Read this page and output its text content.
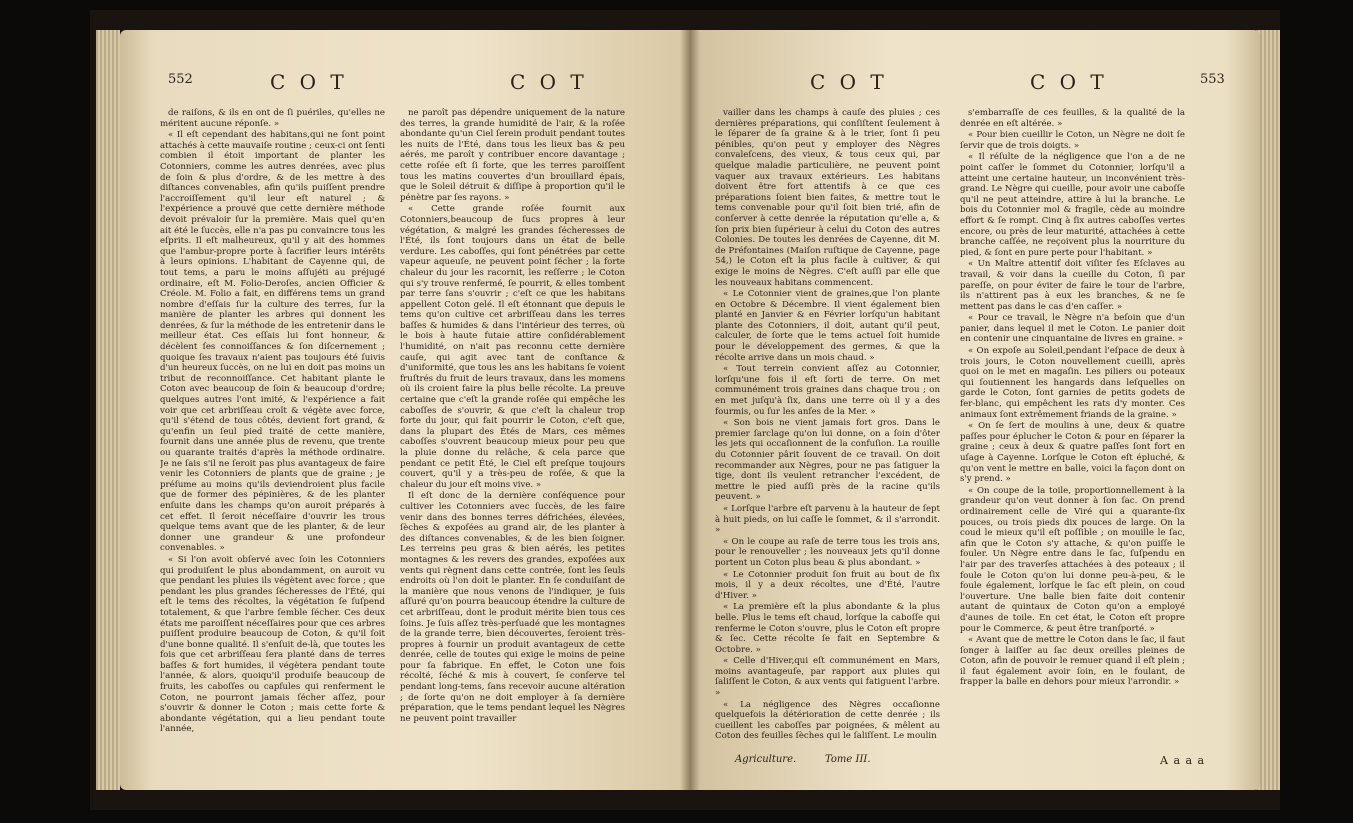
552	C O T	C O T

de raiſons, & ils en ont de ſi puériles, qu'elles ne méritent aucune réponſe. »

« Il eſt cependant des habitans,qui ne ſont point attachés à cette mauvaiſe routine ; ceux-ci ont ſenti combien il étoit important de planter les Cotonniers, comme les autres denrées, avec plus de ſoin & plus d'ordre, & de les mettre à des diſtances convenables, afin qu'ils puiſſent prendre l'accroiſſement qu'il leur eſt naturel ; & l'expérience a prouvé que cette dernière méthode devoit prévaloir ſur la première. Mais quel qu'en ait été le ſuccès, elle n'a pas pu convaincre tous les eſprits. Il eſt malheureux, qu'il y ait des hommes que l'ambur-propre porte à ſacrifier leurs intérêts à leurs opinions. L'habitant de Cayenne qui, de tout tems, a paru le moins aſſujéti au préjugé ordinaire, eſt M. Folio-Deroſes, ancien Officier & Créole. M. Folio a fait, en différens tems un grand nombre d'eſſais ſur la culture des terres, ſur la manière de planter les arbres qui donnent les denrées, & ſur la méthode de les entretenir dans le meilleur état. Ces eſſais lui font honneur, & décèlent ſes connoiſſances & ſon diſcernement ; quoique ſes travaux n'aient pas toujours été ſuivis d'un heureux ſuccès, on ne lui en doit pas moins un tribut de reconnoiſſance. Cet habitant plante le Coton avec beaucoup de ſoin & beaucoup d'ordre; quelques autres l'ont imité, & l'expérience a fait voir que cet arbriſſeau croît & végète avec force, qu'il s'étend de tous côtés, devient fort grand, & qu'enfin un ſeul pied traité de cette manière, fournit dans une année plus de revenu, que trente ou quarante traités d'après la méthode ordinaire. Je ne ſais s'il ne ſeroit pas plus avantageux de faire venir les Cotonniers de plants que de graine ; je préſume au moins qu'ils deviendroient plus facile que de former des pépinières, & de les planter enſuite dans les champs qu'on auroit préparés à cet effet. Il ſeroit néceſſaire d'ouvrir les trous quelque tems avant que de les planter, & de leur donner une grandeur & une profondeur convenables. »

« Si l'on avoit obſervé avec ſoin les Cotonniers qui produiſent le plus abondamment, on auroit vu que pendant les pluies ils végètent avec force ; que pendant les plus grandes ſécheresses de l'Été, qui eſt le tems des récoltes, la végétation ſe ſuſpend totalement, & que l'arbre ſemble ſécher. Ces deux états me paroiſſent néceſſaires pour que ces arbres puiſſent produire beaucoup de Coton, & qu'il ſoit d'une bonne qualité. Il s'enſuit de-là, que toutes les fois que cet arbriſſeau ſera planté dans de terres baſſes & fort humides, il végètera pendant toute l'année, & alors, quoiqu'il produiſe beaucoup de fruits, les caboſſes ou capſules qui renferment le Coton, ne pourront jamais ſécher aſſez, pour s'ouvrir & donner le Coton ; mais cette forte & abondante végétation, qui a lieu pendant toute l'année,

ne paroît pas dépendre uniquement de la nature des terres, la grande humidité de l'air, & la roſée abondante qu'un Ciel ſerein produit pendant toutes les nuits de l'Été, dans tous les lieux bas & peu aérés, me paroît y contribuer encore davantage ; cette roſée eſt ſi forte, que les terres paroiſſent tous les matins couvertes d'un brouillard épais, que le Soleil détruit & diſſipe à proportion qu'il le pénètre par ſes rayons. »

« Cette grande roſée fournit aux Cotonniers,beaucoup de ſucs propres à leur végétation, & malgré les grandes ſécheresses de l'Été, ils ſont toujours dans un état de belle verdure. Les caboſſes, qui ſont pénétrées par cette vapeur aqueuſe, ne peuvent point ſécher ; la forte chaleur du jour les racornit, les reſſerre ; le Coton qui s'y trouve renfermé, ſe pourrit, & elles tombent par terre ſans s'ouvrir ; c'eſt ce que les habitans appellent Coton gelé. Il eſt étonnant que depuis le tems qu'on cultive cet arbriſſeau dans les terres baſſes & humides & dans l'intérieur des terres, où le bois à haute futaie attire conſidérablement l'humidité, on n'ait pas reconnu cette dernière cauſe, qui agit avec tant de conſtance & d'uniformité, que tous les ans les habitans ſe voient fruſtrés du fruit de leurs travaux, dans les momens où ils croient faire la plus belle récolte. La preuve certaine que c'eſt la grande roſée qui empêche les caboſſes de s'ouvrir, & que c'eſt la chaleur trop forte du jour, qui fait pourrir le Coton, c'eſt que, dans la plupart des Étés de Mars, ces mêmes caboſſes s'ouvrent beaucoup mieux pour peu que la pluie donne du relâche, & cela parce que pendant ce petit Été, le Ciel eſt preſque toujours couvert, qu'il y a très-peu de roſée, & que la chaleur du jour eſt moins vive. »

Il eſt donc de la dernière conſéquence pour cultiver les Cotonniers avec ſuccès, de les faire venir dans des bonnes terres défrichées, élevées, ſèches & expoſées au grand air, de les planter à des diſtances convenables, & de les bien ſoigner. Les terreins peu gras & bien aérés, les petites montagnes & les revers des grandes, expoſées aux vents qui règnent dans cette contrée, ſont les ſeuls endroits où l'on doit le planter. En ſe conduiſant de la manière que nous venons de l'indiquer, je ſuis aſſuré qu'on pourra beaucoup étendre la culture de cet arbriſſeau, dont le produit mérite bien tous ces ſoins. Je ſuis aſſez très-perſuadé que les montagnes de la grande terre, bien découvertes, ſeroient très-propres à fournir un produit avantageux de cette denrée, celle de toutes qui exige le moins de peine pour ſa fabrique. En effet, le Coton une fois récolté, ſéché & mis à couvert, ſe conſerve tel pendant long-tems, ſans recevoir aucune altération ; de ſorte qu'on ne doit employer à ſa dernière préparation, que le tems pendant lequel les Nègres ne peuvent point travailler

C O T	C O T	553

vailler dans les champs à cauſe des pluies ; ces dernières préparations, qui conſiſtent ſeulement à le ſéparer de ſa graine & à le trier, ſont ſi peu pénibles, qu'on peut y employer des Nègres convaleſcens, des vieux, & tous ceux qui, par quelque maladie particulière, ne peuvent point vaquer aux travaux extérieurs. Les habitans doivent être fort attentifs à ce que ces préparations ſoient bien faites, & mettre tout le tems convenable pour qu'il ſoit bien trié, afin de conſerver à cette denrée la réputation qu'elle a, & ſon prix bien ſupérieur à celui du Coton des autres Colonies. De toutes les denrées de Cayenne, dit M. de Préfontaines (Maiſon ruſtique de Cayenne, page 54,) le Coton eſt la plus facile à cultiver, & qui exige le moins de Nègres. C'eſt auſſi par elle que les nouveaux habitans commencent.

« Le Cotonnier vient de graines,que l'on plante en Octobre & Décembre. Il vient également bien planté en Janvier & en Février lorſqu'un habitant plante des Cotonniers, il doit, autant qu'il peut, calculer, de ſorte que le tems actuel ſoit humide pour le développement des germes, & que la récolte arrive dans un mois chaud. »

« Tout terrein convient aſſez au Cotonnier, lorſqu'une fois il eſt ſorti de terre. On met communément trois graines dans chaque trou ; on en met juſqu'à ſix, dans une terre où il y a des fourmis, ou ſur les anſes de la Mer. »

« Son bois ne vient jamais fort gros. Dans le premier ſarclage qu'on lui donne, on a ſoin d'ôter les jets qui occaſionnent de la confuſion. La rouille du Cotonnier pârit ſouvent de ce travail. On doit recommander aux Nègres, pour ne pas ſatiguer la tige, dont ils veulent retrancher l'excédent, de mettre le pied auſſi près de la racine qu'ils peuvent. »

« Lorſque l'arbre eſt parvenu à la hauteur de ſept à huit pieds, on lui caſſe le ſommet, & il s'arrondit. »

« On le coupe au raſe de terre tous les trois ans, pour le renouveller ; les nouveaux jets qu'il donne portent un Coton plus beau & plus abondant. »

« Le Cotonnier produit ſon fruit au bout de ſix mois, il y a deux récoltes, une d'Été, l'autre d'Hiver. »

« La première eſt la plus abondante & la plus belle. Plus le tems eſt chaud, lorſque la caboſſe qui renferme le Coton s'ouvre, plus le Coton eſt propre & ſec. Cette récolte ſe fait en Septembre & Octobre. »

« Celle d'Hiver,qui eſt communément en Mars, moins avantageuſe, par rapport aux pluies qui ſaliſſent le Coton, & aux vents qui fatiguent l'arbre. »

« La négligence des Nègres occaſionne quelquefois la détérioration de cette denrée ; ils cueillent les caboſſes par poignées, & mêlent au Coton des feuilles ſèches qui le ſaliſſent. Le moulin

s'embarraſſe de ces feuilles, & la qualité de la denrée en eſt altérée. »

« Pour bien cueillir le Coton, un Nègre ne doit ſe ſervir que de trois doigts. »

« Il réſulte de la négligence que l'on a de ne point caſſer le ſommet du Cotonnier, lorſqu'il a atteint une certaine hauteur, un inconvénient très-grand. Le Nègre qui cueille, pour avoir une caboſſe qu'il ne peut atteindre, attire à lui la branche. Le bois du Cotonnier mol & fragile, cède au moindre effort & ſe rompt. Cinq à ſix autres caboſſes vertes encore, ou près de leur maturité, attachées à cette branche caſſée, ne reçoivent plus la nourriture du pied, & ſont en pure perte pour l'habitant. »

« Un Maître attentif doit viſiter ſes Eſclaves au travail, & voir dans la cueille du Coton, ſi par pareſſe, on pour éviter de faire le tour de l'arbre, ils n'attirent pas à eux les branches, & ne ſe mettent pas dans le cas d'en caſſer. »

« Pour ce travail, le Nègre n'a beſoin que d'un panier, dans lequel il met le Coton. Le panier doit en contenir une cinquantaine de livres en graine. »

« On expoſe au Soleil,pendant l'eſpace de deux à trois jours, le Coton nouvellement cueilli, après quoi on le met en magaſin. Les piliers ou poteaux qui ſoutiennent les hangards dans leſquelles on garde le Coton, ſont garnies de petits godets de fer-blanc, qui empêchent les rats d'y monter. Ces animaux ſont extrêmement friands de la graine. »

« On ſe ſert de moulins à une, deux & quatre paſſes pour éplucher le Coton & pour en ſéparer la graine ; ceux à deux & quatre paſſes ſont fort en uſage à Cayenne. Lorſque le Coton eſt épluché, & qu'on vent le mettre en balle, voici la façon dont on s'y prend. »

« On coupe de la toile, proportionnellement à la grandeur qu'on veut donner à ſon ſac. On prend ordinairement celle de Viré qui a quarante-ſix pouces, ou trois pieds dix pouces de large. On la coud le mieux qu'il eſt poſſible ; on mouille le ſac, afin que le Coton s'y attache, & qu'on puiſſe le fouler. Un Nègre entre dans le ſac, ſuſpendu en l'air par des traverſes attachées à des poteaux ; il foule le Coton qu'on lui donne peu-à-peu, & le foule également, lorſque le ſac eſt plein, on coud l'ouverture. Une balle bien faite doit contenir autant de quintaux de Coton qu'on a employé d'aunes de toile. En cet état, le Coton eſt propre pour le Commerce, & peut être tranſporté. »

« Avant que de mettre le Coton dans le ſac, il faut ſonger à laiſſer au ſac deux oreilles pleines de Coton, afin de pouvoir le remuer quand il eſt plein ; il faut également avoir ſoin, en le foulant, de frapper la balle en dehors pour mieux l'arrondir. »

Agriculture.	Tome III.	A a a a
